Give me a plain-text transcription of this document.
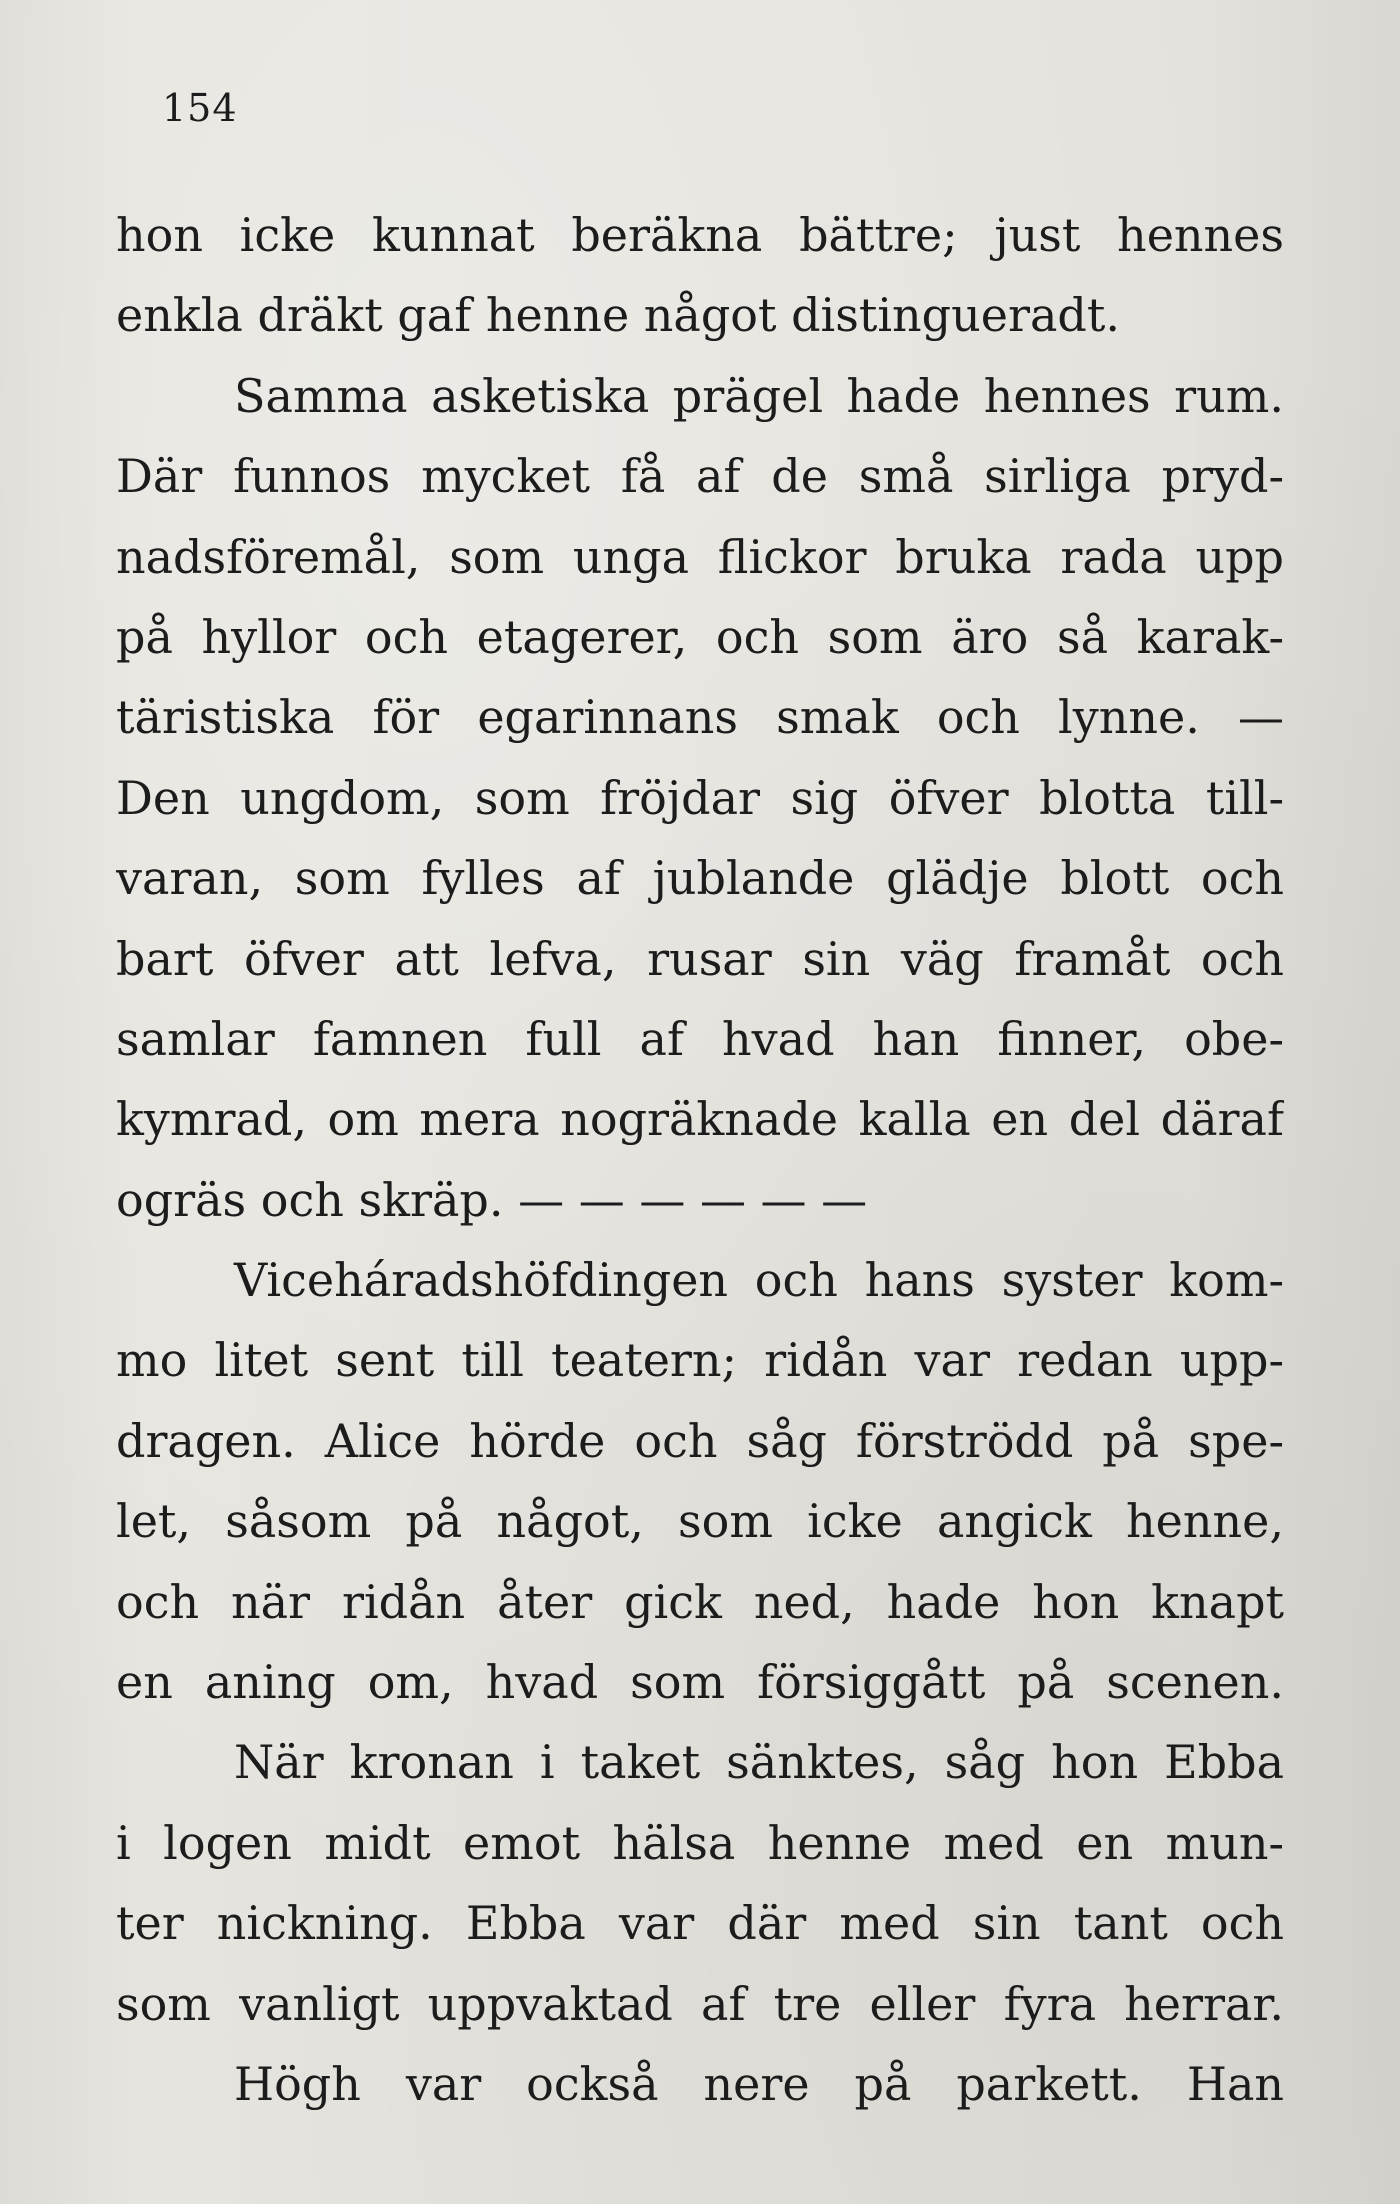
154

hon icke kunnat beräkna bättre; just hennes
enkla dräkt gaf henne något distingueradt.
Samma asketiska prägel hade hennes rum.
Där funnos mycket få af de små sirliga pryd-
nadsföremål, som unga flickor bruka rada upp
på hyllor och etagerer, och som äro så karak-
täristiska för egarinnans smak och lynne. —
Den ungdom, som fröjdar sig öfver blotta till-
varan, som fylles af jublande glädje blott och
bart öfver att lefva, rusar sin väg framåt och
samlar famnen full af hvad han finner, obe-
kymrad, om mera nogräknade kalla en del däraf
ogräs och skräp. — — — — — —
Viceháradshöfdingen och hans syster kom-
mo litet sent till teatern; ridån var redan upp-
dragen. Alice hörde och såg förströdd på spe-
let, såsom på något, som icke angick henne,
och när ridån åter gick ned, hade hon knapt
en aning om, hvad som försiggått på scenen.
När kronan i taket sänktes, såg hon Ebba
i logen midt emot hälsa henne med en mun-
ter nickning. Ebba var där med sin tant och
som vanligt uppvaktad af tre eller fyra herrar.
Högh var också nere på parkett. Han
